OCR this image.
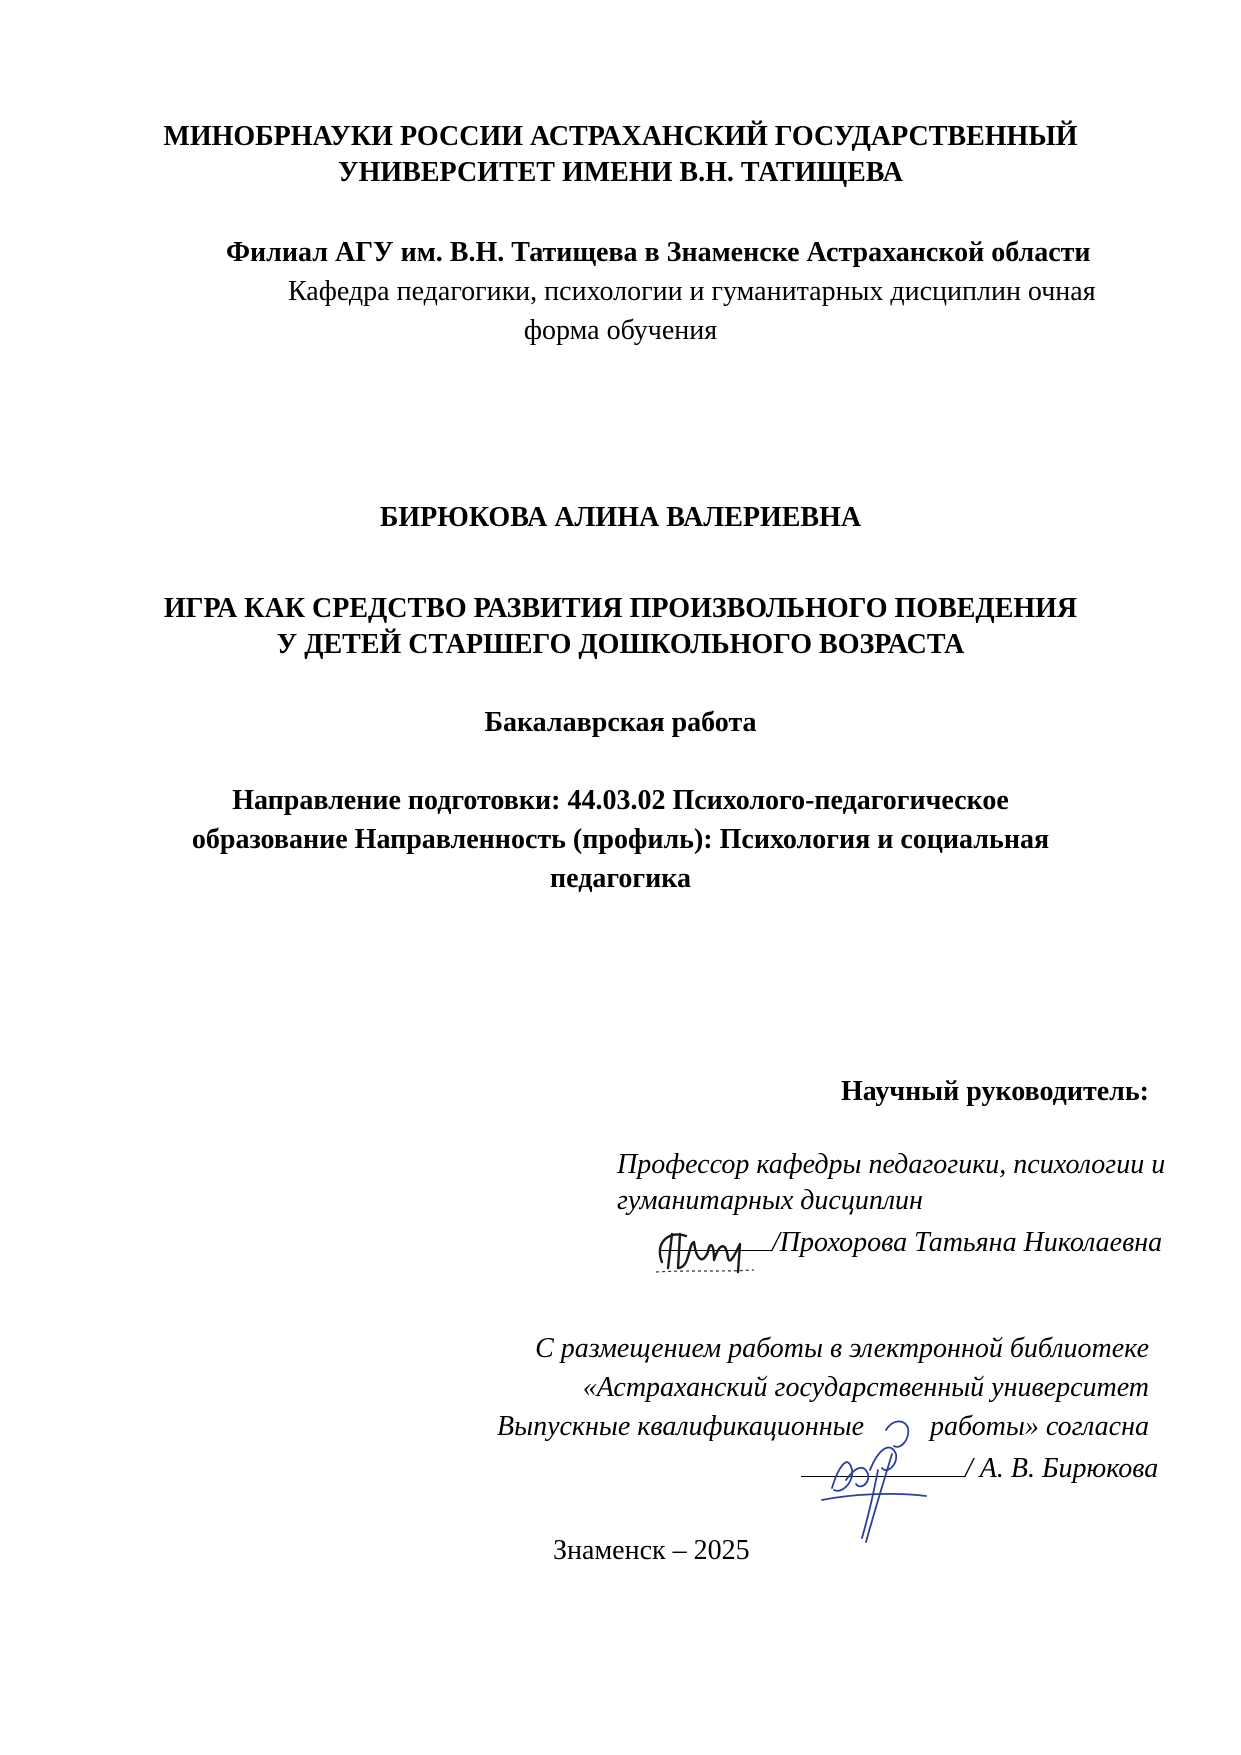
МИНОБРНАУКИ РОССИИ АСТРАХАНСКИЙ ГОСУДАРСТВЕННЫЙ
УНИВЕРСИТЕТ ИМЕНИ В.Н. ТАТИЩЕВА
Филиал АГУ им. В.Н. Татищева в Знаменске Астраханской области
Кафедра педагогики, психологии и гуманитарных дисциплин очная
форма обучения
БИРЮКОВА АЛИНА ВАЛЕРИЕВНА
ИГРА КАК СРЕДСТВО РАЗВИТИЯ ПРОИЗВОЛЬНОГО ПОВЕДЕНИЯ
У ДЕТЕЙ СТАРШЕГО ДОШКОЛЬНОГО ВОЗРАСТА
Бакалаврская работа
Направление подготовки: 44.03.02 Психолого-педагогическое
образование Направленность (профиль): Психология и социальная
педагогика
Научный руководитель:
Профессор кафедры педагогики, психологии и
гуманитарных дисциплин
/Прохорова Татьяна Николаевна
С размещением работы в электронной библиотеке
«Астраханский государственный университет
Выпускные квалификационные работы» согласна
/ А. В. Бирюкова
Знаменск – 2025
